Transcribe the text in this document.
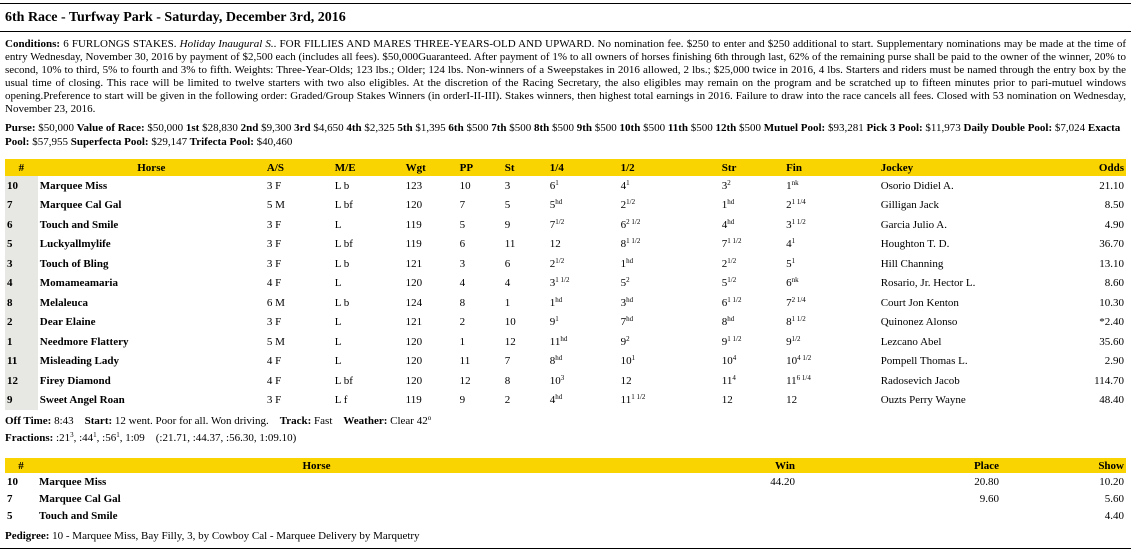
6th Race - Turfway Park - Saturday, December 3rd, 2016
Conditions: 6 FURLONGS STAKES. Holiday Inaugural S.. FOR FILLIES AND MARES THREE-YEARS-OLD AND UPWARD. No nomination fee. $250 to enter and $250 additional to start. Supplementary nominations may be made at the time of entry Wednesday, November 30, 2016 by payment of $2,500 each (includes all fees). $50,000Guaranteed. After payment of 1% to all owners of horses finishing 6th through last, 62% of the remaining purse shall be paid to the owner of the winner, 20% to second, 10% to third, 5% to fourth and 3% to fifth. Weights: Three-Year-Olds; 123 lbs.; Older; 124 lbs. Non-winners of a Sweepstakes in 2016 allowed, 2 lbs.; $25,000 twice in 2016, 4 lbs. Starters and riders must be named through the entry box by the usual time of closing. This race will be limited to twelve starters with two also eligibles. At the discretion of the Racing Secretary, the also eligibles may remain on the program and be scratched up to fifteen minutes prior to pari-mutuel windows opening.Preference to start will be given in the following order: Graded/Group Stakes Winners (in orderI-II-III). Stakes winners, then highest total earnings in 2016. Failure to draw into the race cancels all fees. Closed with 53 nomination on Wednesday, November 23, 2016.
Purse: $50,000 Value of Race: $50,000 1st $28,830 2nd $9,300 3rd $4,650 4th $2,325 5th $1,395 6th $500 7th $500 8th $500 9th $500 10th $500 11th $500 12th $500 Mutuel Pool: $93,281 Pick 3 Pool: $11,973 Daily Double Pool: $7,024 Exacta Pool: $57,955 Superfecta Pool: $29,147 Trifecta Pool: $40,460
#	Horse	A/S	M/E	Wgt	PP	St	1/4	1/2	Str	Fin	Jockey	Odds
10	Marquee Miss	3 F	L b	123	10	3	$6^1$	$4^1$	$3^2$	$1^{nk}$	Osorio Didiel A.	21.10
7	Marquee Cal Gal	5 M	L bf	120	7	5	$5^{hd}$	$2^{1/2}$	$1^{hd}$	$2^{1 1/4}$	Gilligan Jack	8.50
6	Touch and Smile	3 F	L	119	5	9	$7^{1/2}$	$6^{2 1/2}$	$4^{hd}$	$3^{1 1/2}$	Garcia Julio A.	4.90
5	Luckyallmylife	3 F	L bf	119	6	11	12	$8^{1 1/2}$	$7^{1 1/2}$	$4^1$	Houghton T. D.	36.70
3	Touch of Bling	3 F	L b	121	3	6	$2^{1/2}$	$1^{hd}$	$2^{1/2}$	$5^1$	Hill Channing	13.10
4	Momameamaria	4 F	L	120	4	4	$3^{1 1/2}$	$5^2$	$5^{1/2}$	$6^{nk}$	Rosario, Jr. Hector L.	8.60
8	Melaleuca	6 M	L b	124	8	1	$1^{hd}$	$3^{hd}$	$6^{1 1/2}$	$7^{2 1/4}$	Court Jon Kenton	10.30
2	Dear Elaine	3 F	L	121	2	10	$9^1$	$7^{hd}$	$8^{hd}$	$8^{1 1/2}$	Quinonez Alonso	*2.40
1	Needmore Flattery	5 M	L	120	1	12	$11^{hd}$	$9^2$	$9^{1 1/2}$	$9^{1/2}$	Lezcano Abel	35.60
11	Misleading Lady	4 F	L	120	11	7	$8^{hd}$	$10^1$	$10^4$	$10^{4 1/2}$	Pompell Thomas L.	2.90
12	Firey Diamond	4 F	L bf	120	12	8	$10^3$	12	$11^4$	$11^{6 1/4}$	Radosevich Jacob	114.70
9	Sweet Angel Roan	3 F	L f	119	9	2	$4^{hd}$	$11^{1 1/2}$	12	12	Ouzts Perry Wayne	48.40
Off Time: 8:43 Start: 12 went. Poor for all. Won driving. Track: Fast Weather: Clear 42$^o$
Fractions: $:21^3$, $:44^1$, $:56^1$, 1:09 (:21.71, :44.37, :56.30, 1:09.10)
#	Horse	Win	Place	Show
10	Marquee Miss	44.20	20.80	10.20
7	Marquee Cal Gal		9.60	5.60
5	Touch and Smile			4.40
Pedigree: 10 - Marquee Miss, Bay Filly, 3, by Cowboy Cal - Marquee Delivery by Marquetry
